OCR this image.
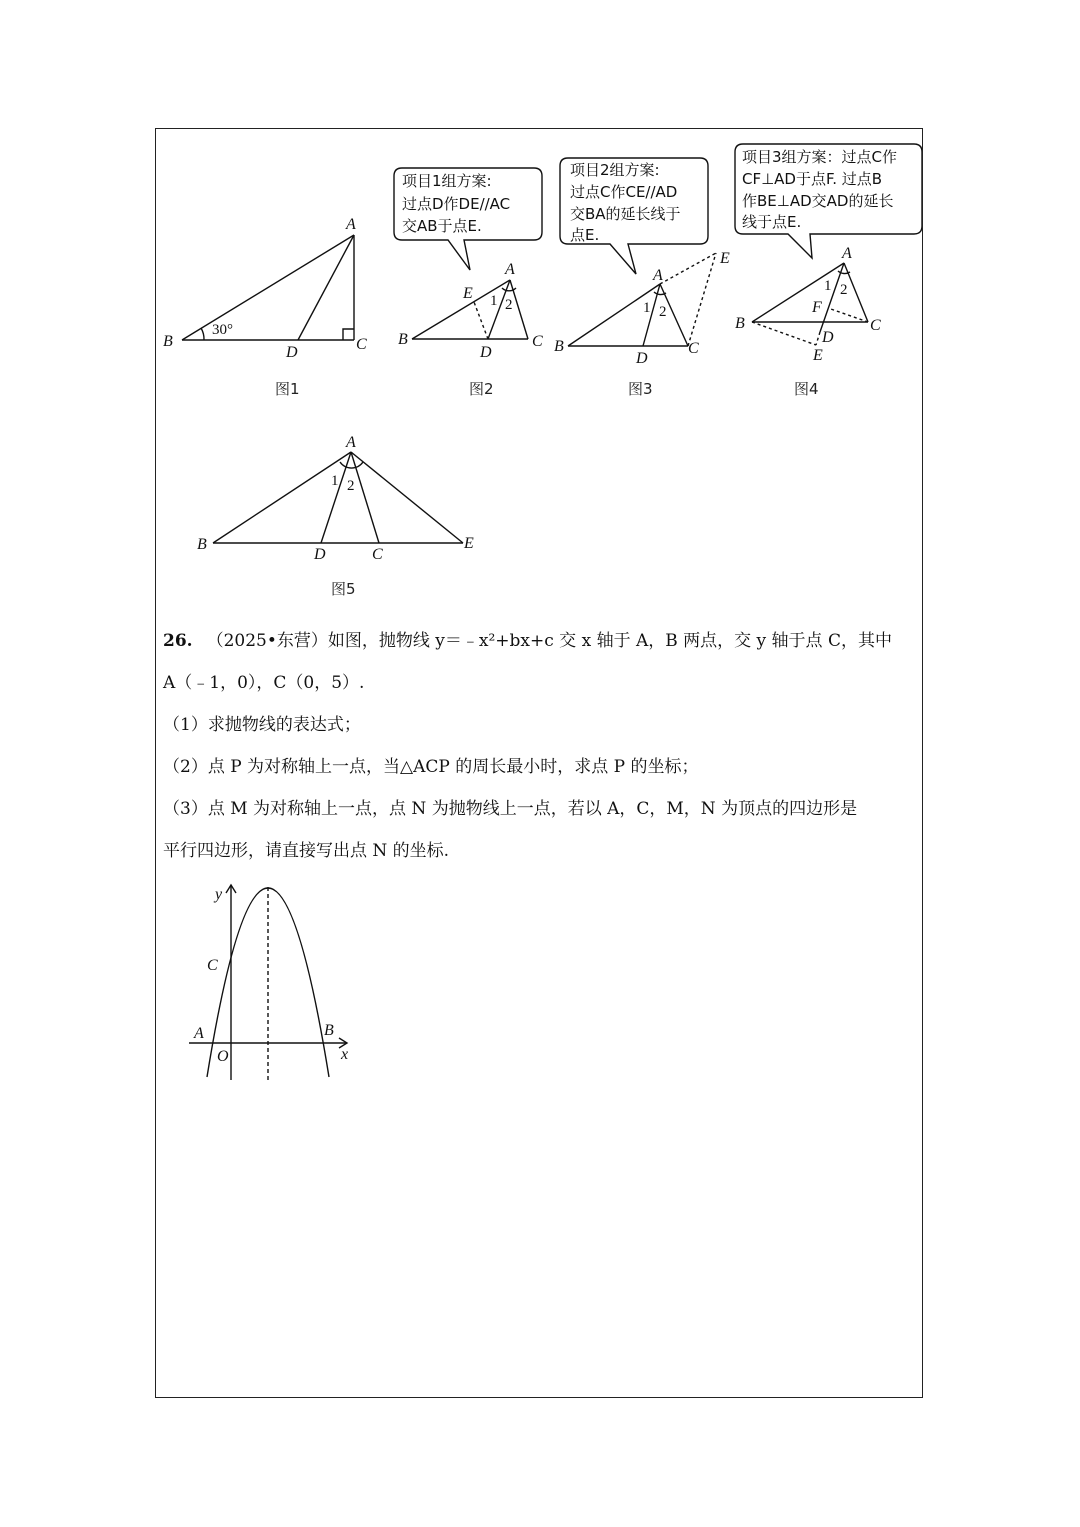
B
A
C
D
30°
图1
B
A
C
D
E 1 2
图2
项目1组方案: 过点D作DE//AC 交AB于点E.
B
A
C
D
E
1 2
图3
项目2组方案: 过点C作CE//AD 交BA的延长线于 点E.
B
A
C
D
E
F
1 2
图4
项目3组方案：过点C作 CF⊥AD于点F. 过点B 作BE⊥AD交AD的延长 线于点E.
B
A
C
D
E
1 2
图5

26. （2025•东营）如图，抛物线 y＝﹣x²+bx+c 交 x 轴于 A，B 两点，交 y 轴于点 C，其中

A（﹣1，0），C（0，5）.

（1）求抛物线的表达式；

（2）点 P 为对称轴上一点，当△ACP 的周长最小时，求点 P 的坐标；

（3）点 M 为对称轴上一点，点 N 为抛物线上一点，若以 A，C，M，N 为顶点的四边形是

平行四边形，请直接写出点 N 的坐标.

y
x
C
A	B
O
